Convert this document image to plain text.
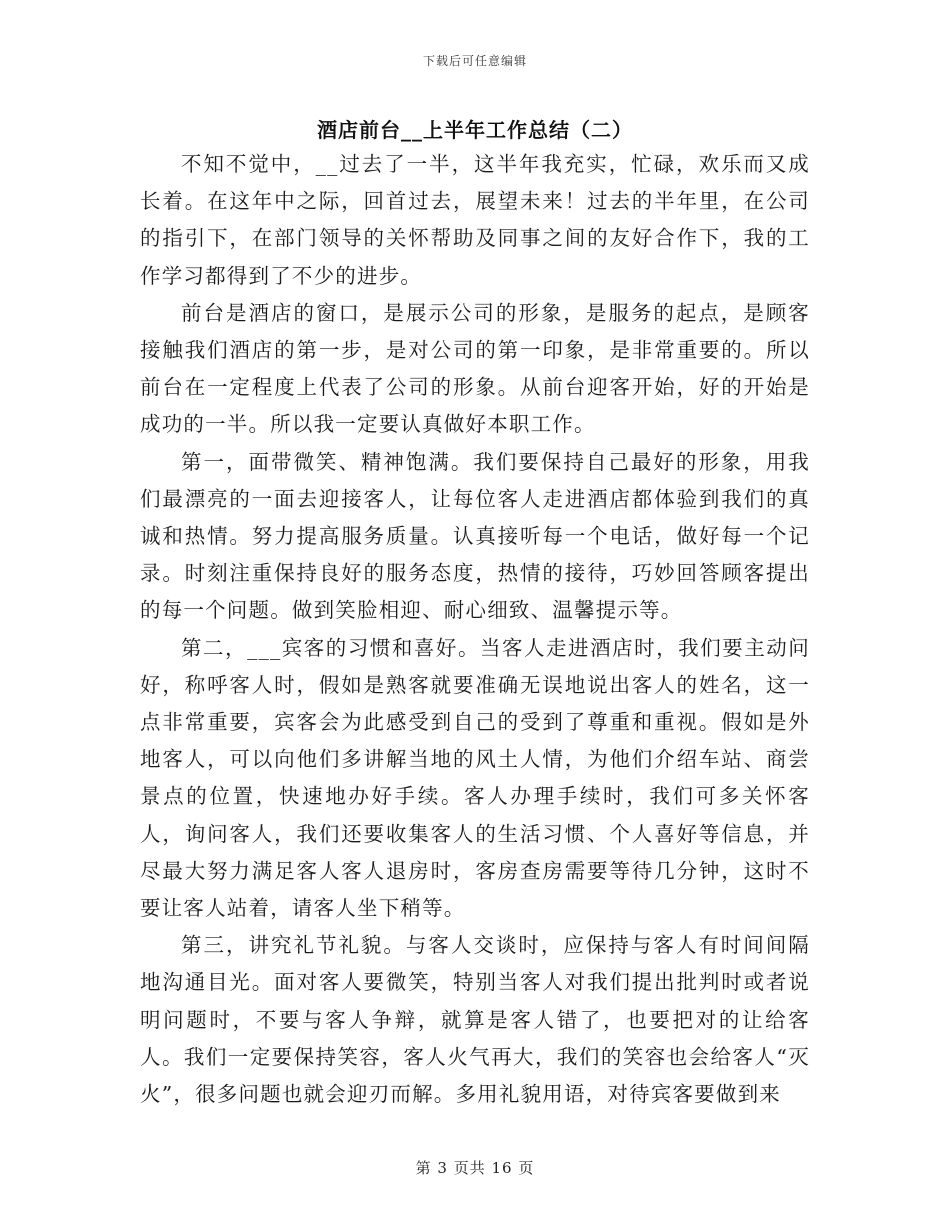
下载后可任意编辑
酒店前台__上半年工作总结（二）

不知不觉中，__过去了一半，这半年我充实，忙碌，欢乐而又成长着。在这年中之际，回首过去，展望未来！过去的半年里，在公司的指引下，在部门领导的关怀帮助及同事之间的友好合作下，我的工作学习都得到了不少的进步。

前台是酒店的窗口，是展示公司的形象，是服务的起点，是顾客接触我们酒店的第一步，是对公司的第一印象，是非常重要的。所以前台在一定程度上代表了公司的形象。从前台迎客开始，好的开始是成功的一半。所以我一定要认真做好本职工作。

第一，面带微笑、精神饱满。我们要保持自己最好的形象，用我们最漂亮的一面去迎接客人，让每位客人走进酒店都体验到我们的真诚和热情。努力提高服务质量。认真接听每一个电话，做好每一个记录。时刻注重保持良好的服务态度，热情的接待，巧妙回答顾客提出的每一个问题。做到笑脸相迎、耐心细致、温馨提示等。

第二，___宾客的习惯和喜好。当客人走进酒店时，我们要主动问好，称呼客人时，假如是熟客就要准确无误地说出客人的姓名，这一点非常重要，宾客会为此感受到自己的受到了尊重和重视。假如是外地客人，可以向他们多讲解当地的风土人情，为他们介绍车站、商尝景点的位置，快速地办好手续。客人办理手续时，我们可多关怀客人，询问客人，我们还要收集客人的生活习惯、个人喜好等信息，并尽最大努力满足客人客人退房时，客房查房需要等待几分钟，这时不要让客人站着，请客人坐下稍等。

第三，讲究礼节礼貌。与客人交谈时，应保持与客人有时间间隔地沟通目光。面对客人要微笑，特别当客人对我们提出批判时或者说明问题时，不要与客人争辩，就算是客人错了，也要把对的让给客人。我们一定要保持笑容，客人火气再大，我们的笑容也会给客人“灭火”，很多问题也就会迎刃而解。多用礼貌用语，对待宾客要做到来

第 3 页共 16 页
